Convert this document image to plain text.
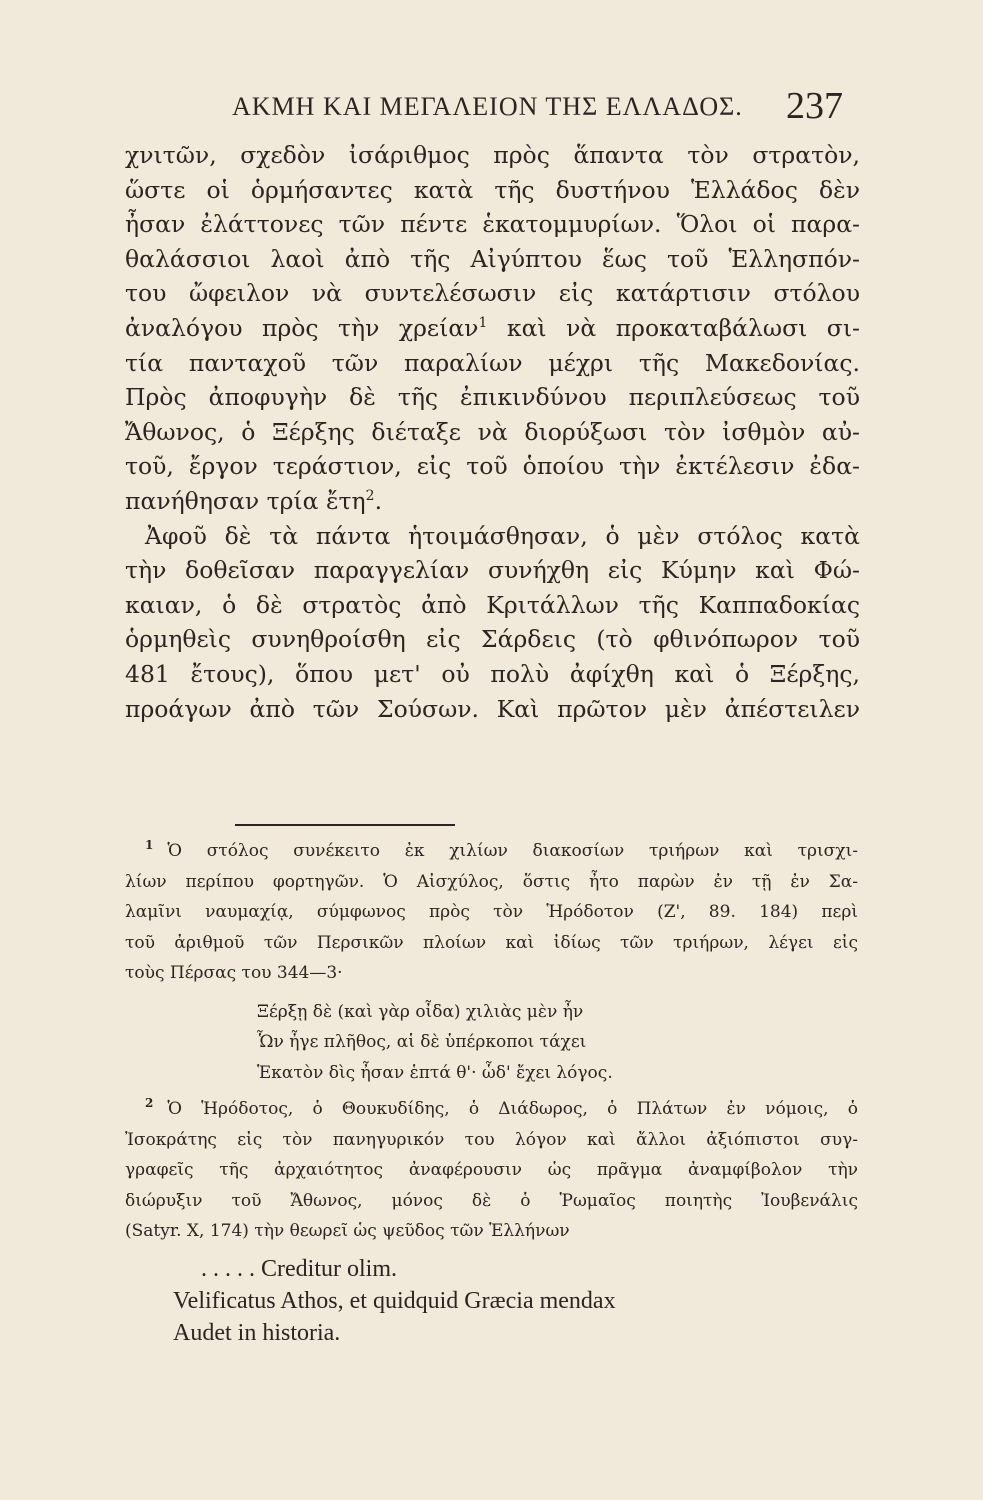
ΑΚΜΗ ΚΑΙ ΜΕΓΑΛΕΙΟΝ ΤΗΣ ΕΛΛΑΔΟΣ. 237
χνιτῶν, σχεδὸν ἰσάριθμος πρὸς ἅπαντα τὸν στρατὸν,
ὥστε οἱ ὁρμήσαντες κατὰ τῆς δυστήνου Ἑλλάδος δὲν
ἦσαν ἐλάττονες τῶν πέντε ἑκατομμυρίων. Ὅλοι οἱ παρα-
θαλάσσιοι λαοὶ ἀπὸ τῆς Αἰγύπτου ἕως τοῦ Ἑλλησπόν-
του ὤφειλον νὰ συντελέσωσιν εἰς κατάρτισιν στόλου
ἀναλόγου πρὸς τὴν χρείαν$^1$ καὶ νὰ προκαταβάλωσι σι-
τία πανταχοῦ τῶν παραλίων μέχρι τῆς Μακεδονίας.
Πρὸς ἀποφυγὴν δὲ τῆς ἐπικινδύνου περιπλεύσεως τοῦ
Ἄθωνος, ὁ Ξέρξης διέταξε νὰ διορύξωσι τὸν ἰσθμὸν αὐ-
τοῦ, ἔργον τεράστιον, εἰς τοῦ ὁποίου τὴν ἐκτέλεσιν ἐδα-
πανήθησαν τρία ἔτη$^2$.
Ἀφοῦ δὲ τὰ πάντα ἡτοιμάσθησαν, ὁ μὲν στόλος κατὰ
τὴν δοθεῖσαν παραγγελίαν συνήχθη εἰς Κύμην καὶ Φώ-
καιαν, ὁ δὲ στρατὸς ἀπὸ Κριτάλλων τῆς Καππαδοκίας
ὁρμηθεὶς συνηθροίσθη εἰς Σάρδεις (τὸ φθινόπωρον τοῦ
481 ἔτους), ὅπου μετ' οὐ πολὺ ἀφίχθη καὶ ὁ Ξέρξης,
προάγων ἀπὸ τῶν Σούσων. Καὶ πρῶτον μὲν ἀπέστειλεν
$^1$ Ὁ στόλος συνέκειτο ἐκ χιλίων διακοσίων τριήρων καὶ τρισχι-
λίων περίπου φορτηγῶν. Ὁ Αἰσχύλος, ὅστις ἦτο παρὼν ἐν τῇ ἐν Σα-
λαμῖνι ναυμαχίᾳ, σύμφωνος πρὸς τὸν Ἡρόδοτον (Ζ', 89. 184) περὶ
τοῦ ἀριθμοῦ τῶν Περσικῶν πλοίων καὶ ἰδίως τῶν τριήρων, λέγει εἰς
τοὺς Πέρσας του 344—3·
Ξέρξῃ δὲ (καὶ γὰρ οἶδα) χιλιὰς μὲν ἦν
Ὧν ἦγε πλῆθος, αἱ δὲ ὑπέρκοποι τάχει
Ἑκατὸν δὶς ἦσαν ἑπτά θ'· ὧδ' ἔχει λόγος.
$^2$ Ὁ Ἡρόδοτος, ὁ Θουκυδίδης, ὁ Διάδωρος, ὁ Πλάτων ἐν νόμοις, ὁ
Ἰσοκράτης εἰς τὸν πανηγυρικόν του λόγον καὶ ἄλλοι ἀξιόπιστοι συγ-
γραφεῖς τῆς ἀρχαιότητος ἀναφέρουσιν ὡς πρᾶγμα ἀναμφίβολον τὴν
διώρυξιν τοῦ Ἄθωνος, μόνος δὲ ὁ Ῥωμαῖος ποιητὴς Ἰουβενάλις
(Satyr. X, 174) τὴν θεωρεῖ ὡς ψεῦδος τῶν Ἑλλήνων
. . . . . Creditur olim.
Velificatus Athos, et quidquid Græcia mendax
Audet in historia.
